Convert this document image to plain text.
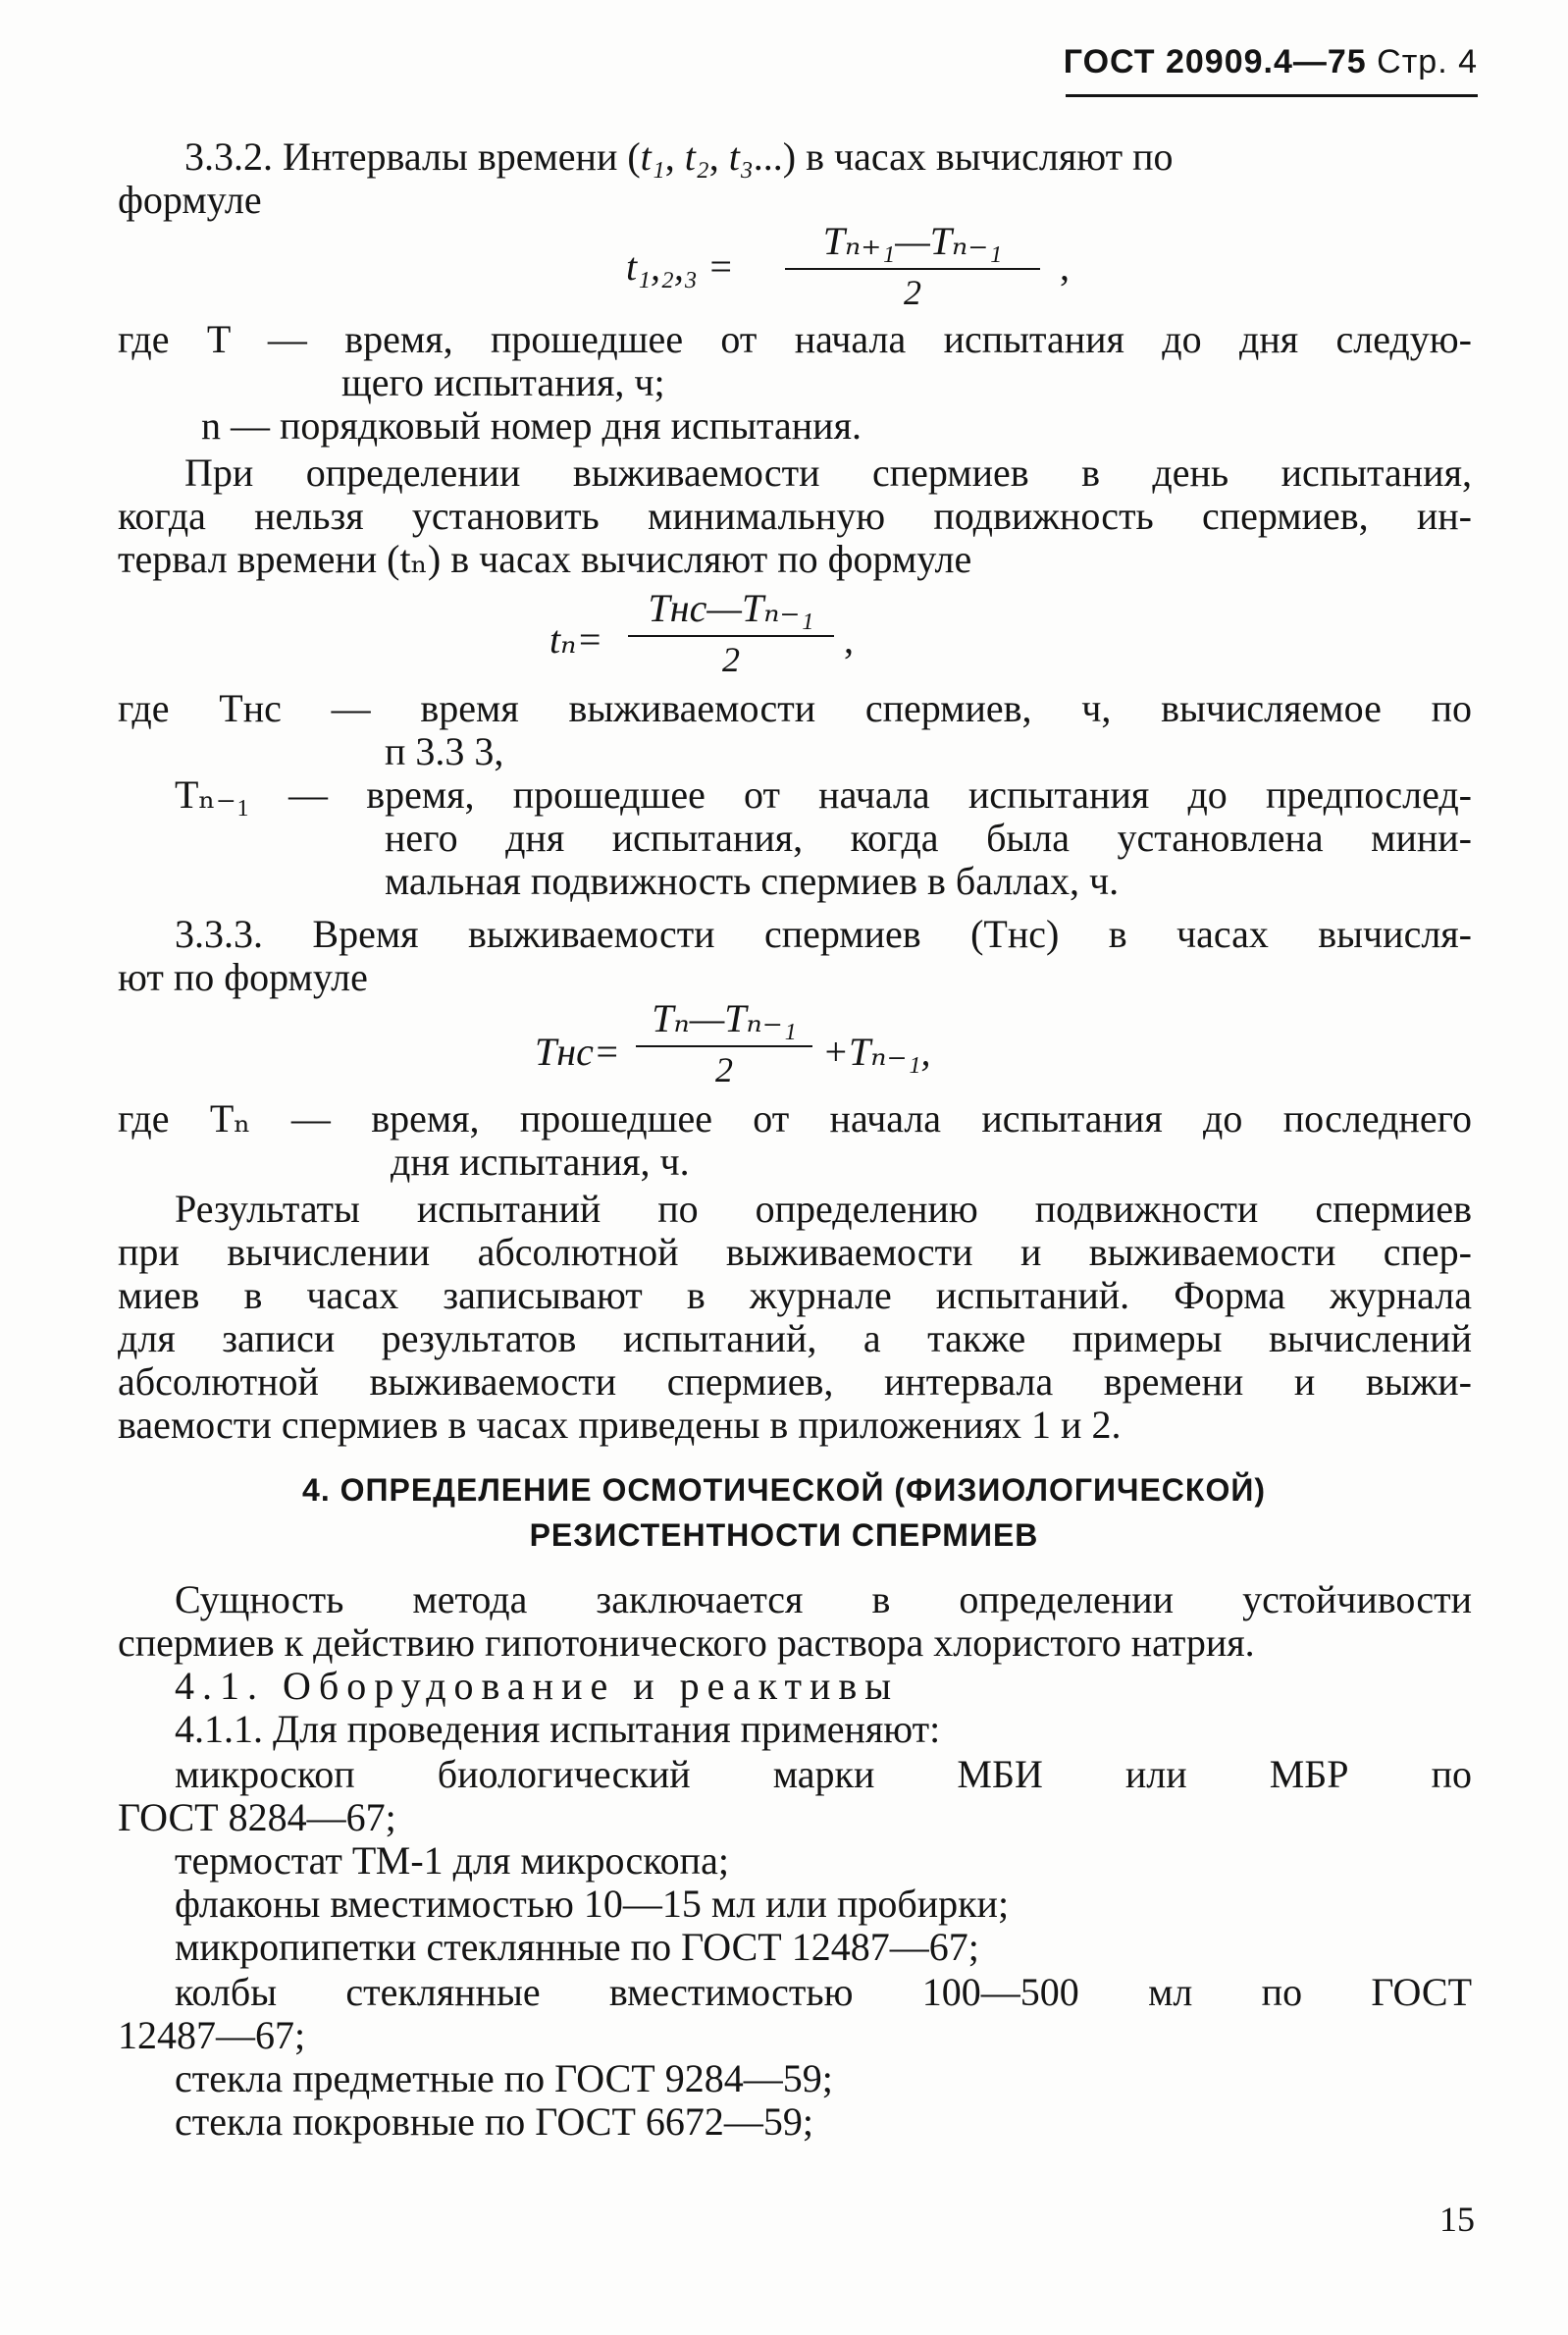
ГОСТ 20909.4—75 Стр. 4
3.3.2. Интервалы времени (t₁, t₂, t₃...) в часах вычисляют по
формуле
t₁,₂,₃ =
Tₙ₊₁—Tₙ₋₁
2
,
где T — время, прошедшее от начала испытания до дня следую-
щего испытания, ч;
n — порядковый номер дня испытания.
При определении выживаемости спермиев в день испытания,
когда нельзя установить минимальную подвижность спермиев, ин-
тервал времени (tₙ) в часах вычисляют по формуле
tₙ=
Tнс—Tₙ₋₁
2	,
где Tнс — время выживаемости спермиев, ч, вычисляемое по
п 3.3 3,
Tₙ₋₁ — время, прошедшее от начала испытания до предпослед-
него дня испытания, когда была установлена мини-
мальная подвижность спермиев в баллах, ч.
3.3.3. Время выживаемости спермиев (Tнс) в часах вычисля-
ют по формуле
Tнс=
Tₙ—Tₙ₋₁
2	+Tₙ₋₁,
где Tₙ — время, прошедшее от начала испытания до последнего
дня испытания, ч.
Результаты испытаний по определению подвижности спермиев
при вычислении абсолютной выживаемости и выживаемости спер-
миев в часах записывают в журнале испытаний. Форма журнала
для записи результатов испытаний, а также примеры вычислений
абсолютной выживаемости спермиев, интервала времени и выжи-
ваемости спермиев в часах приведены в приложениях 1 и 2.
4. ОПРЕДЕЛЕНИЕ ОСМОТИЧЕСКОЙ (ФИЗИОЛОГИЧЕСКОЙ)
РЕЗИСТЕНТНОСТИ СПЕРМИЕВ
Сущность метода заключается в определении устойчивости
спермиев к действию гипотонического раствора хлористого натрия.
4.1. Оборудование и реактивы
4.1.1. Для проведения испытания применяют:
микроскоп биологический марки МБИ или МБР по
ГОСТ 8284—67;
термостат ТМ-1 для микроскопа;
флаконы вместимостью 10—15 мл или пробирки;
микропипетки стеклянные по ГОСТ 12487—67;
колбы стеклянные вместимостью 100—500 мл по ГОСТ
12487—67;
стекла предметные по ГОСТ 9284—59;
стекла покровные по ГОСТ 6672—59;
15
